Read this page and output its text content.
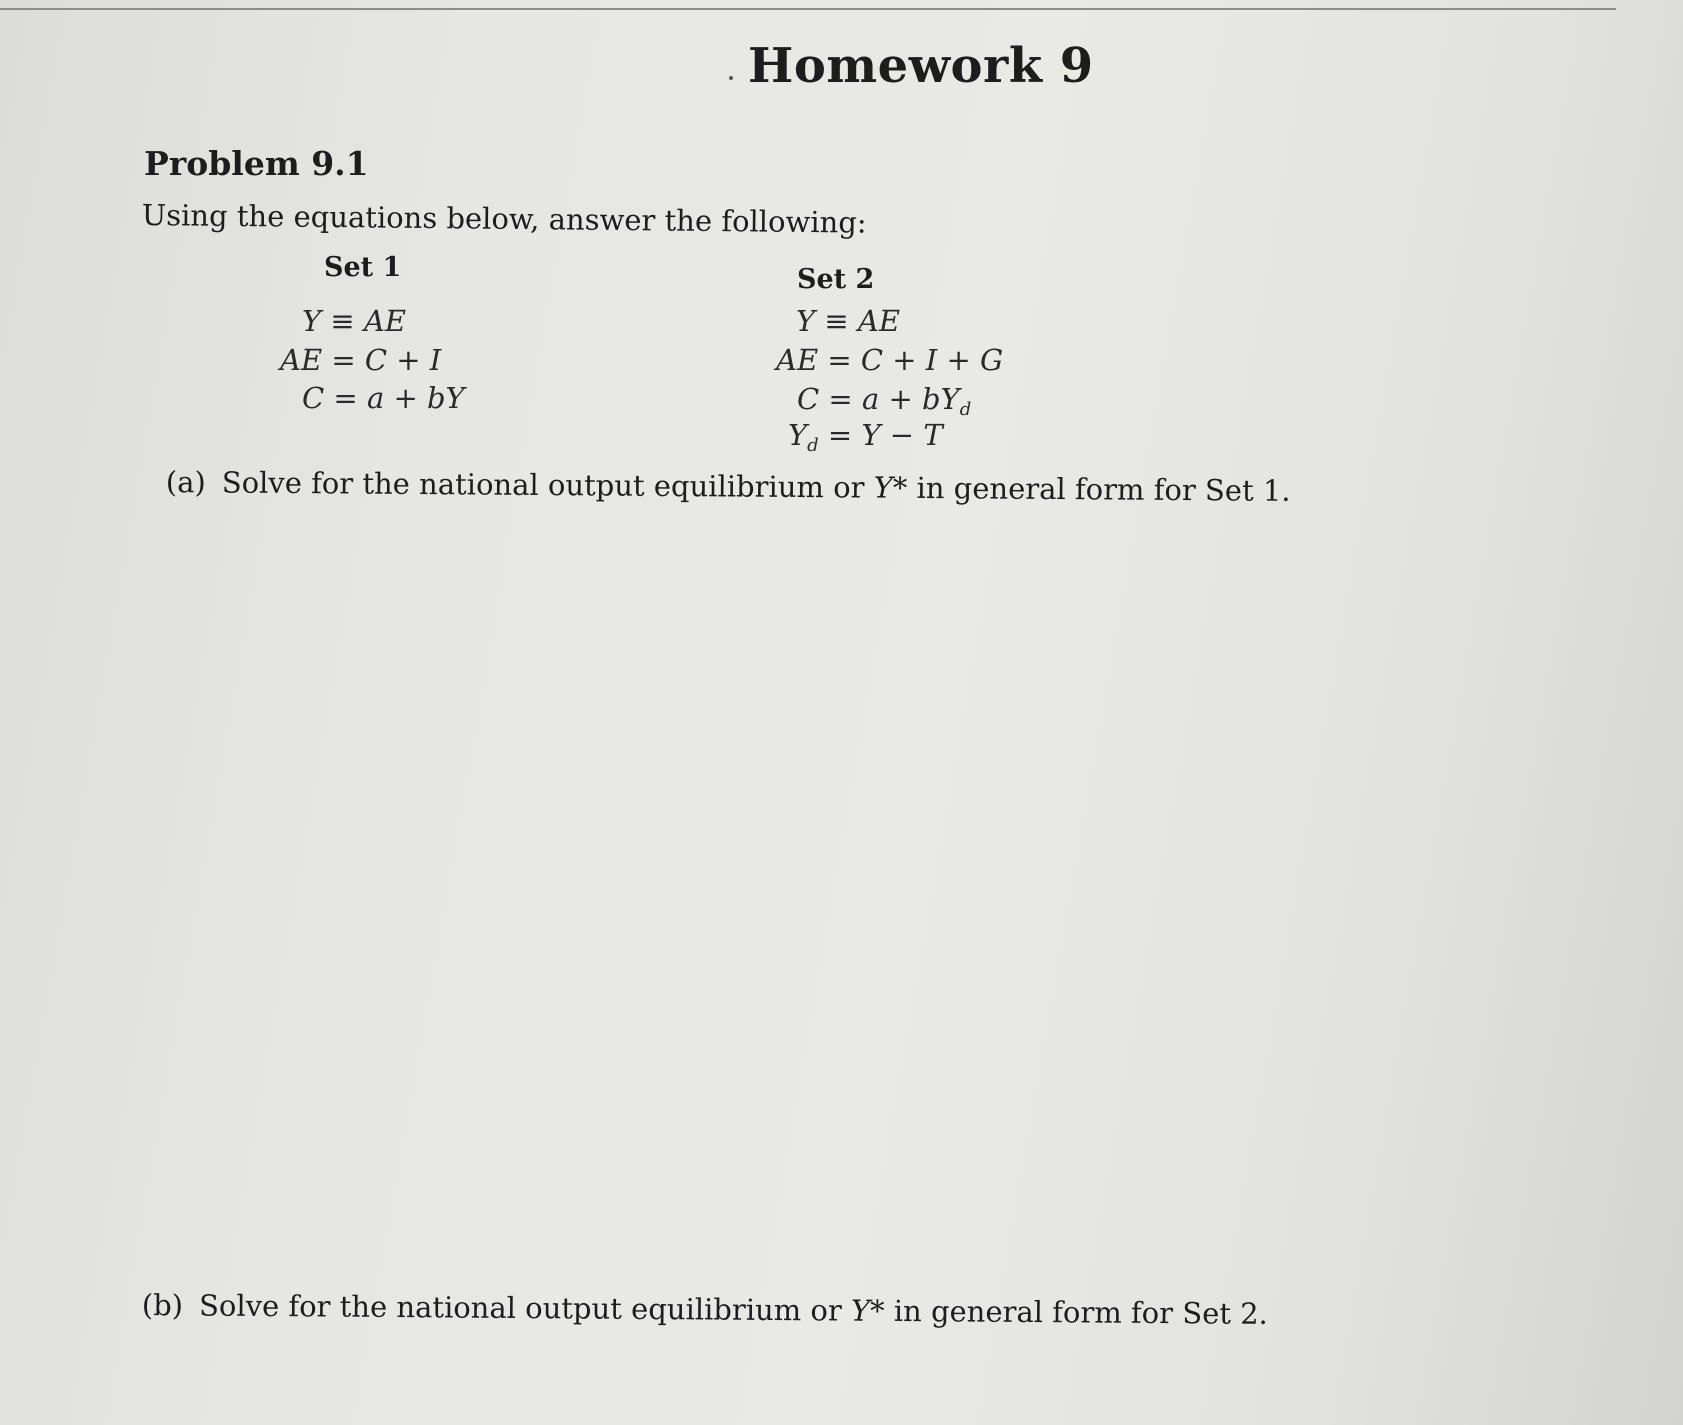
Homework 9
Problem 9.1
Using the equations below, answer the following:
Set 1
Y ≡ AE
AE = C + I
C = a + bY
Set 2
Y ≡ AE
AE = C + I + G
$C = a + bY_d$
$Y_d = Y - T$
(a) Solve for the national output equilibrium or Y* in general form for Set 1.
(b) Solve for the national output equilibrium or Y* in general form for Set 2.
